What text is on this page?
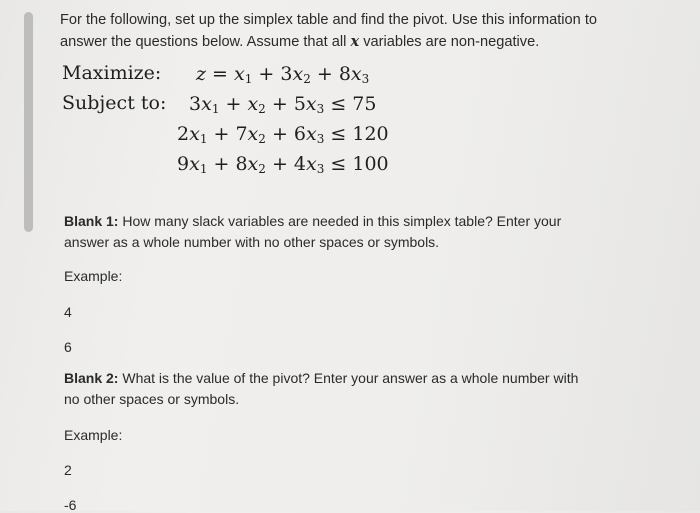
For the following, set up the simplex table and find the pivot. Use this information to
answer the questions below. Assume that all x variables are non-negative.
Maximize: $z = x_1 + 3x_2 + 8x_3$
Subject to: $3x_1 + x_2 + 5x_3 \le 75$
$2x_1 + 7x_2 + 6x_3 \le 120$
$9x_1 + 8x_2 + 4x_3 \le 100$
Blank 1: How many slack variables are needed in this simplex table? Enter your
answer as a whole number with no other spaces or symbols.
Example:
4
6
Blank 2: What is the value of the pivot? Enter your answer as a whole number with
no other spaces or symbols.
Example:
2
-6
